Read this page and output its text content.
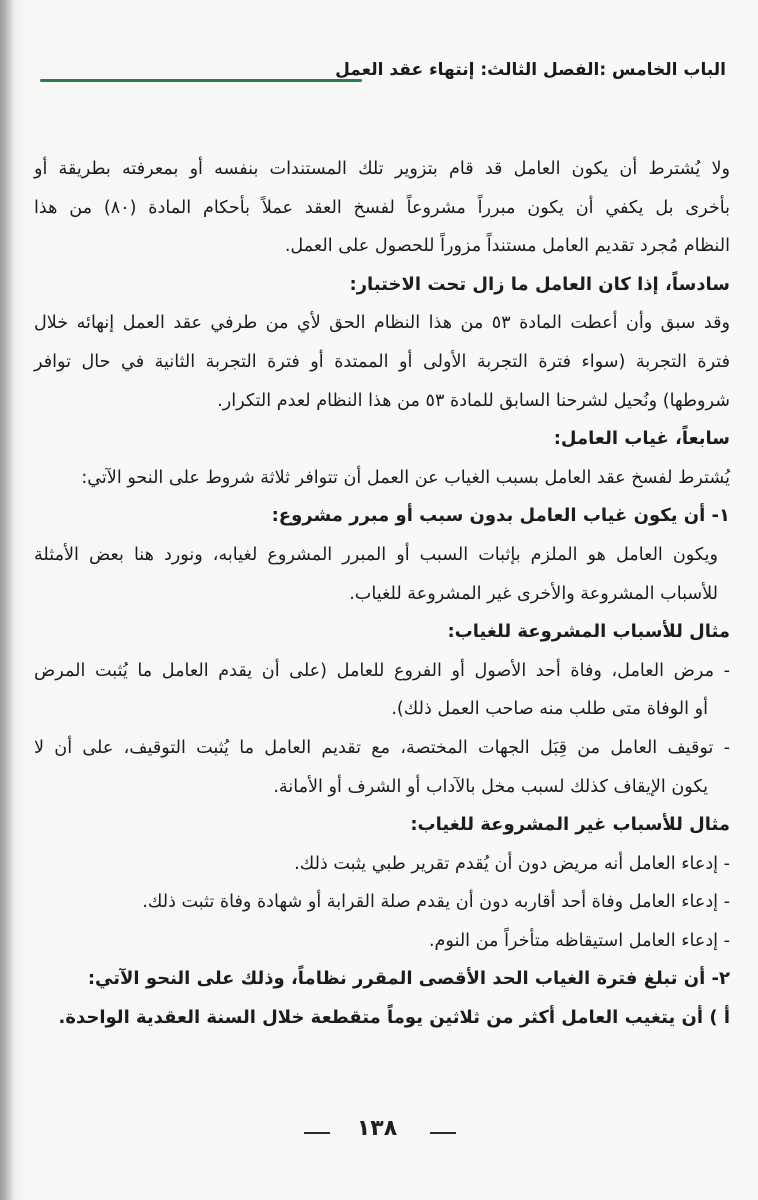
الباب الخامس :الفصل الثالث: إنتهاء عقد العمل
ولا يُشترط أن يكون العامل قد قام بتزوير تلك المستندات بنفسه أو بمعرفته بطريقة أو
بأخرى بل يكفي أن يكون مبرراً مشروعاً لفسخ العقد عملاً بأحكام المادة (٨٠) من هذا
النظام مُجرد تقديم العامل مستنداً مزوراً للحصول على العمل.
سادساً، إذا كان العامل ما زال تحت الاختبار:
وقد سبق وأن أعطت المادة ٥٣ من هذا النظام الحق لأي من طرفي عقد العمل إنهائه خلال
فترة التجربة (سواء فترة التجربة الأولى أو الممتدة أو فترة التجربة الثانية في حال توافر
شروطها) ونُحيل لشرحنا السابق للمادة ٥٣ من هذا النظام لعدم التكرار.
سابعاً، غياب العامل:
يُشترط لفسخ عقد العامل بسبب الغياب عن العمل أن تتوافر ثلاثة شروط على النحو الآتي:
١- أن يكون غياب العامل بدون سبب أو مبرر مشروع:
ويكون العامل هو الملزم بإثبات السبب أو المبرر المشروع لغيابه، ونورد هنا بعض الأمثلة
للأسباب المشروعة والأخرى غير المشروعة للغياب.
مثال للأسباب المشروعة للغياب:
- مرض العامل، وفاة أحد الأصول أو الفروع للعامل (على أن يقدم العامل ما يُثبت المرض
أو الوفاة متى طلب منه صاحب العمل ذلك).
- توقيف العامل من قِبَل الجهات المختصة، مع تقديم العامل ما يُثبت التوقيف، على أن لا
يكون الإيقاف كذلك لسبب مخل بالآداب أو الشرف أو الأمانة.
مثال للأسباب غير المشروعة للغياب:
- إدعاء العامل أنه مريض دون أن يُقدم تقرير طبي يثبت ذلك.
- إدعاء العامل وفاة أحد أقاربه دون أن يقدم صلة القرابة أو شهادة وفاة تثبت ذلك.
- إدعاء العامل استيقاظه متأخراً من النوم.
٢- أن تبلغ فترة الغياب الحد الأقصى المقرر نظاماً، وذلك على النحو الآتي:
أ ) أن يتغيب العامل أكثر من ثلاثين يوماً متقطعة خلال السنة العقدية الواحدة.
١٣٨
